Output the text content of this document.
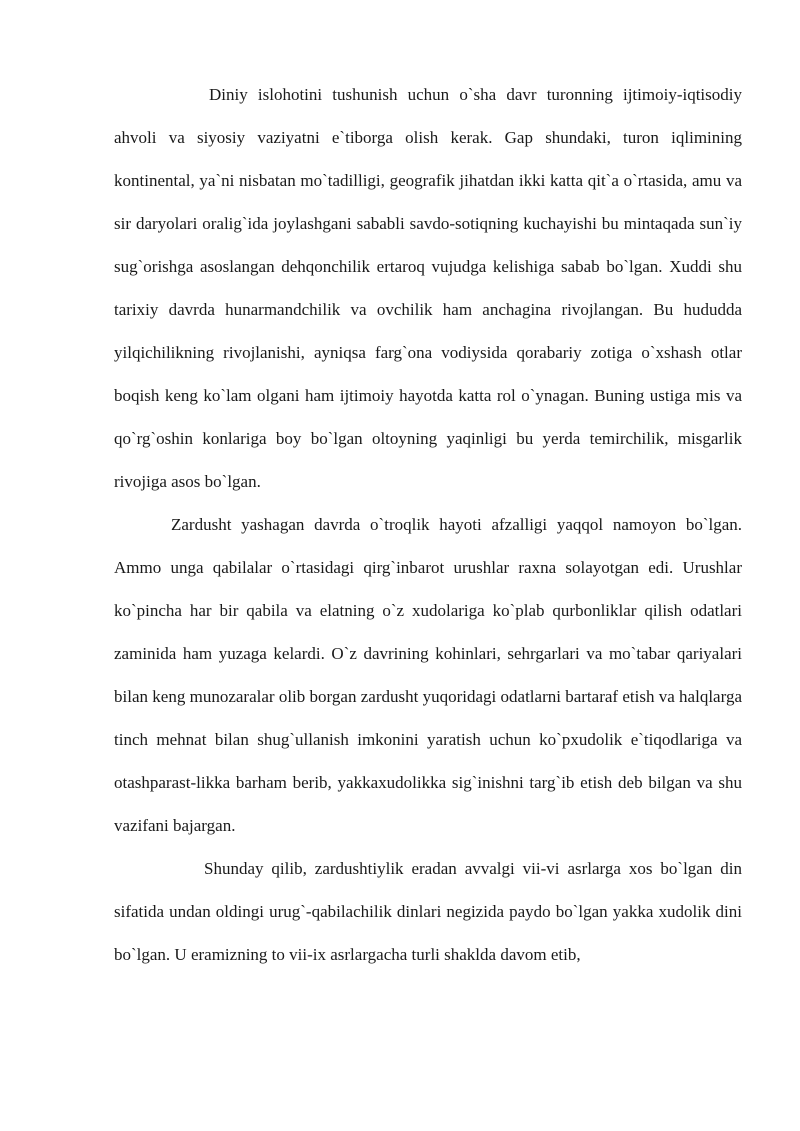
Diniy islohotini tushunish uchun o`sha davr turonning ijtimoiy-iqtisodiy ahvoli va siyosiy vaziyatni e`tiborga olish kerak. Gap shundaki, turon iqlimining kontinental, ya`ni nisbatan mo`tadilligi, geografik jihatdan ikki katta qit`a o`rtasida, amu va sir daryolari oralig`ida joylashgani sababli savdo-sotiqning kuchayishi bu mintaqada sun`iy sug`orishga asoslangan dehqonchilik ertaroq vujudga kelishiga sabab bo`lgan. Xuddi shu tarixiy davrda hunarmandchilik va ovchilik ham anchagina rivojlangan. Bu hududda yilqichilikning rivojlanishi, ayniqsa farg`ona vodiysida qorabariy zotiga o`xshash otlar boqish keng ko`lam olgani ham ijtimoiy hayotda katta rol o`ynagan. Buning ustiga mis va qo`rg`oshin konlariga boy bo`lgan oltoyning yaqinligi bu yerda temirchilik, misgarlik rivojiga asos bo`lgan.

Zardusht yashagan davrda o`troqlik hayoti afzalligi yaqqol namoyon bo`lgan. Ammo unga qabilalar o`rtasidagi qirg`inbarot urushlar raxna solayotgan edi. Urushlar ko`pincha har bir qabila va elatning o`z xudolariga ko`plab qurbonliklar qilish odatlari zaminida ham yuzaga kelardi. O`z davrining kohinlari, sehrgarlari va mo`tabar qariyalari bilan keng munozaralar olib borgan zardusht yuqoridagi odatlarni bartaraf etish va halqlarga tinch mehnat bilan shug`ullanish imkonini yaratish uchun ko`pxudolik e`tiqodlariga va otashparast-likka barham berib, yakkaxudolikka sig`inishni targ`ib etish deb bilgan va shu vazifani bajargan.

Shunday qilib, zardushtiylik eradan avvalgi vii-vi asrlarga xos bo`lgan din sifatida undan oldingi urug`-qabilachilik dinlari negizida paydo bo`lgan yakka xudolik dini bo`lgan. U eramizning to vii-ix asrlargacha turli shaklda davom etib,
